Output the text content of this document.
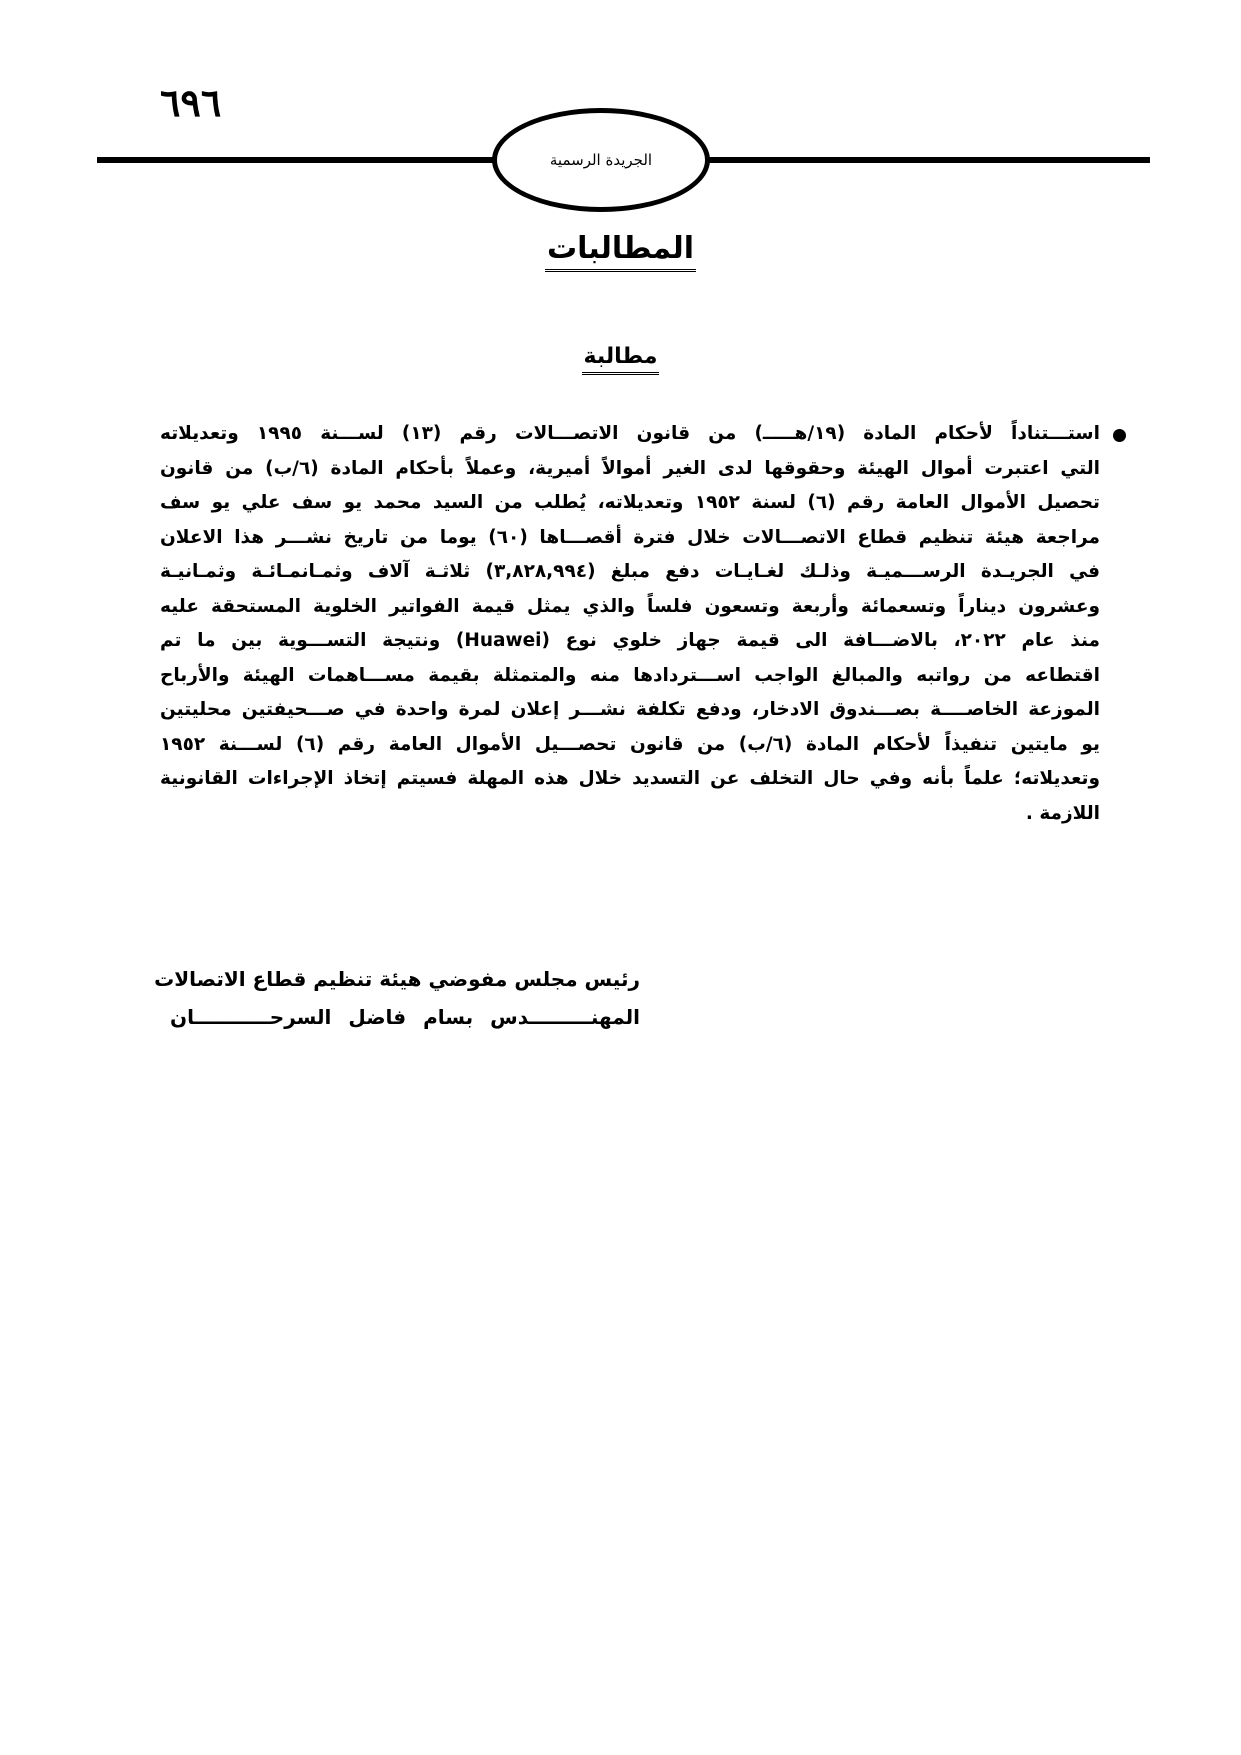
٦٩٦
الجريدة الرسمية
المطالبات
مطالبة
استـــتناداً لأحكام المادة (١٩/هـــــ) من قانون الاتصـــالات رقم (١٣) لســـنة ١٩٩٥ وتعديلاته
التي اعتبرت أموال الهيئة وحقوقها لدى الغير أموالاً أميرية، وعملاً بأحكام المادة (٦/ب) من قانون
تحصيل الأموال العامة رقم (٦) لسنة ١٩٥٢ وتعديلاته، يُطلب من السيد محمد يو سف علي يو سف
مراجعة هيئة تنظيم قطاع الاتصـــالات خلال فترة أقصـــاها (٦٠) يوما من تاريخ نشـــر هذا الاعلان
في الجريـدة الرســـميـة وذلـك لغـايـات دفع مبلغ (٣,٨٢٨,٩٩٤) ثلاثـة آلاف وثمـانمـائـة وثمـانيـة
وعشرون ديناراً وتسعمائة وأربعة وتسعون فلساً والذي يمثل قيمة الفواتير الخلوية المستحقة عليه
منذ عام ٢٠٢٢، بالاضـــافة الى قيمة جهاز خلوي نوع (Huawei) ونتيجة التســـوية بين ما تم
اقتطاعه من رواتبه والمبالغ الواجب اســـتردادها منه والمتمثلة بقيمة مســـاهمات الهيئة والأرباح
الموزعة الخاصــــة بصـــندوق الادخار، ودفع تكلفة نشـــر إعلان لمرة واحدة في صـــحيفتين محليتين
يو مايتين تنفيذاً لأحكام المادة (٦/ب) من قانون تحصـــيل الأموال العامة رقم (٦) لســـنة ١٩٥٢
وتعديلاته؛ علماً بأنه وفي حال التخلف عن التسديد خلال هذه المهلة فسيتم إتخاذ الإجراءات القانونية
اللازمة .
رئيس مجلس مفوضي هيئة تنظيم قطاع الاتصالات
المهنـــــــــدس بسام فاضل السرحـــــــــــان
